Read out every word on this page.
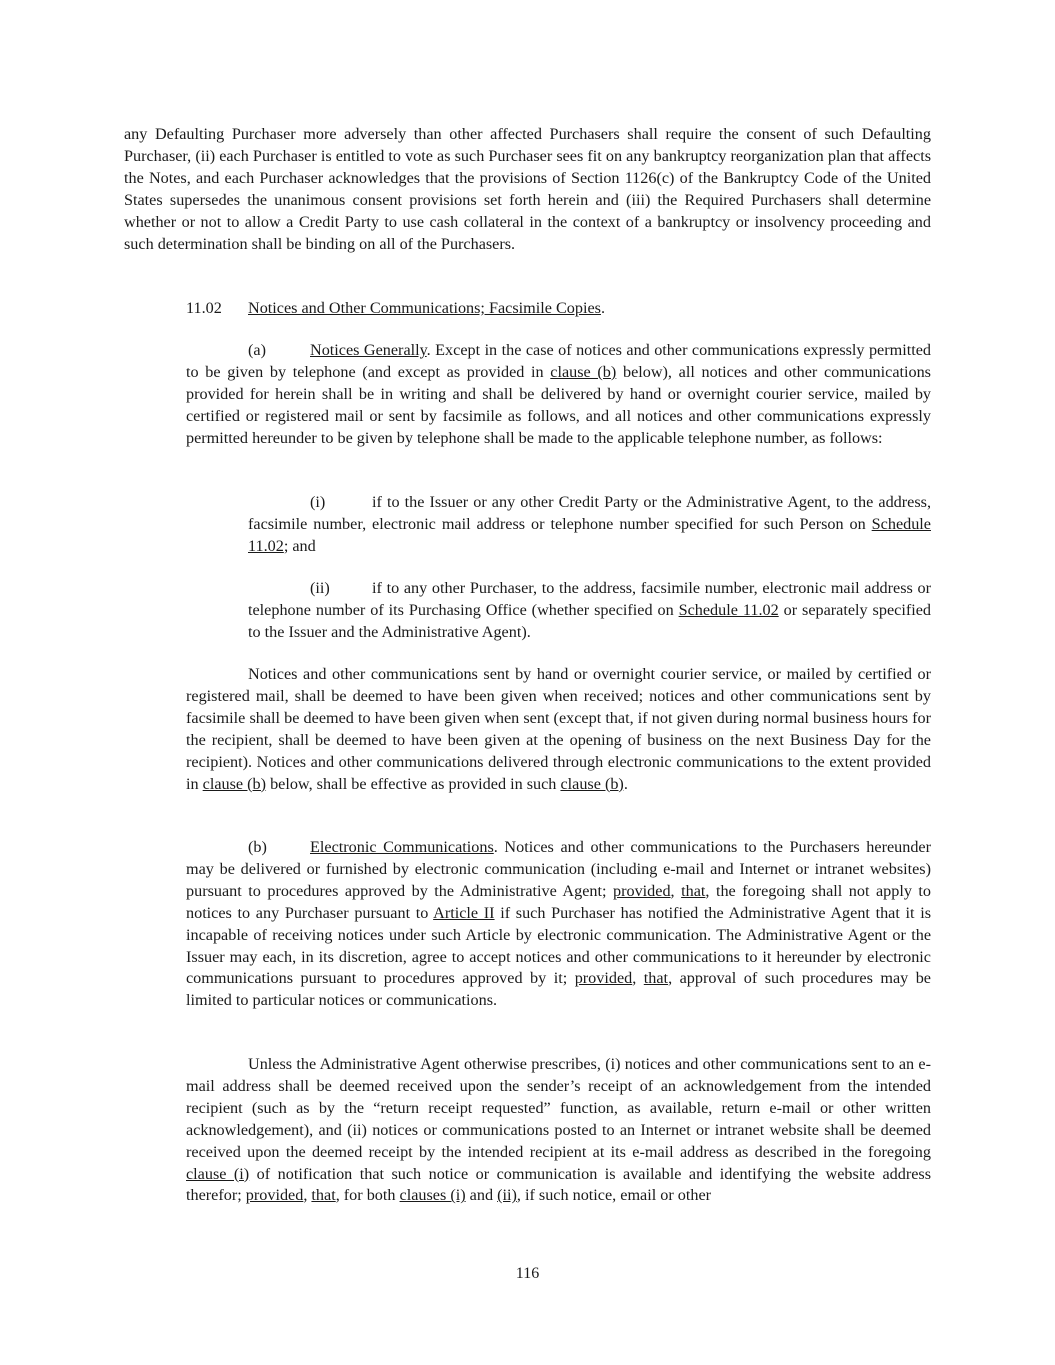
any Defaulting Purchaser more adversely than other affected Purchasers shall require the consent of such Defaulting Purchaser, (ii) each Purchaser is entitled to vote as such Purchaser sees fit on any bankruptcy reorganization plan that affects the Notes, and each Purchaser acknowledges that the provisions of Section 1126(c) of the Bankruptcy Code of the United States supersedes the unanimous consent provisions set forth herein and (iii) the Required Purchasers shall determine whether or not to allow a Credit Party to use cash collateral in the context of a bankruptcy or insolvency proceeding and such determination shall be binding on all of the Purchasers.

11.02 Notices and Other Communications; Facsimile Copies.

(a)	Notices Generally. Except in the case of notices and other communications expressly permitted to be given by telephone (and except as provided in clause (b) below), all notices and other communications provided for herein shall be in writing and shall be delivered by hand or overnight courier service, mailed by certified or registered mail or sent by facsimile as follows, and all notices and other communications expressly permitted hereunder to be given by telephone shall be made to the applicable telephone number, as follows:

(i)	if to the Issuer or any other Credit Party or the Administrative Agent, to the address, facsimile number, electronic mail address or telephone number specified for such Person on Schedule 11.02; and

(ii)	if to any other Purchaser, to the address, facsimile number, electronic mail address or telephone number of its Purchasing Office (whether specified on Schedule 11.02 or separately specified to the Issuer and the Administrative Agent).

Notices and other communications sent by hand or overnight courier service, or mailed by certified or registered mail, shall be deemed to have been given when received; notices and other communications sent by facsimile shall be deemed to have been given when sent (except that, if not given during normal business hours for the recipient, shall be deemed to have been given at the opening of business on the next Business Day for the recipient). Notices and other communications delivered through electronic communications to the extent provided in clause (b) below, shall be effective as provided in such clause (b).

(b)	Electronic Communications. Notices and other communications to the Purchasers hereunder may be delivered or furnished by electronic communication (including e-mail and Internet or intranet websites) pursuant to procedures approved by the Administrative Agent; provided, that, the foregoing shall not apply to notices to any Purchaser pursuant to Article II if such Purchaser has notified the Administrative Agent that it is incapable of receiving notices under such Article by electronic communication. The Administrative Agent or the Issuer may each, in its discretion, agree to accept notices and other communications to it hereunder by electronic communications pursuant to procedures approved by it; provided, that, approval of such procedures may be limited to particular notices or communications.

Unless the Administrative Agent otherwise prescribes, (i) notices and other communications sent to an e-mail address shall be deemed received upon the sender’s receipt of an acknowledgement from the intended recipient (such as by the “return receipt requested” function, as available, return e-mail or other written acknowledgement), and (ii) notices or communications posted to an Internet or intranet website shall be deemed received upon the deemed receipt by the intended recipient at its e-mail address as described in the foregoing clause (i) of notification that such notice or communication is available and identifying the website address therefor; provided, that, for both clauses (i) and (ii), if such notice, email or other

116
